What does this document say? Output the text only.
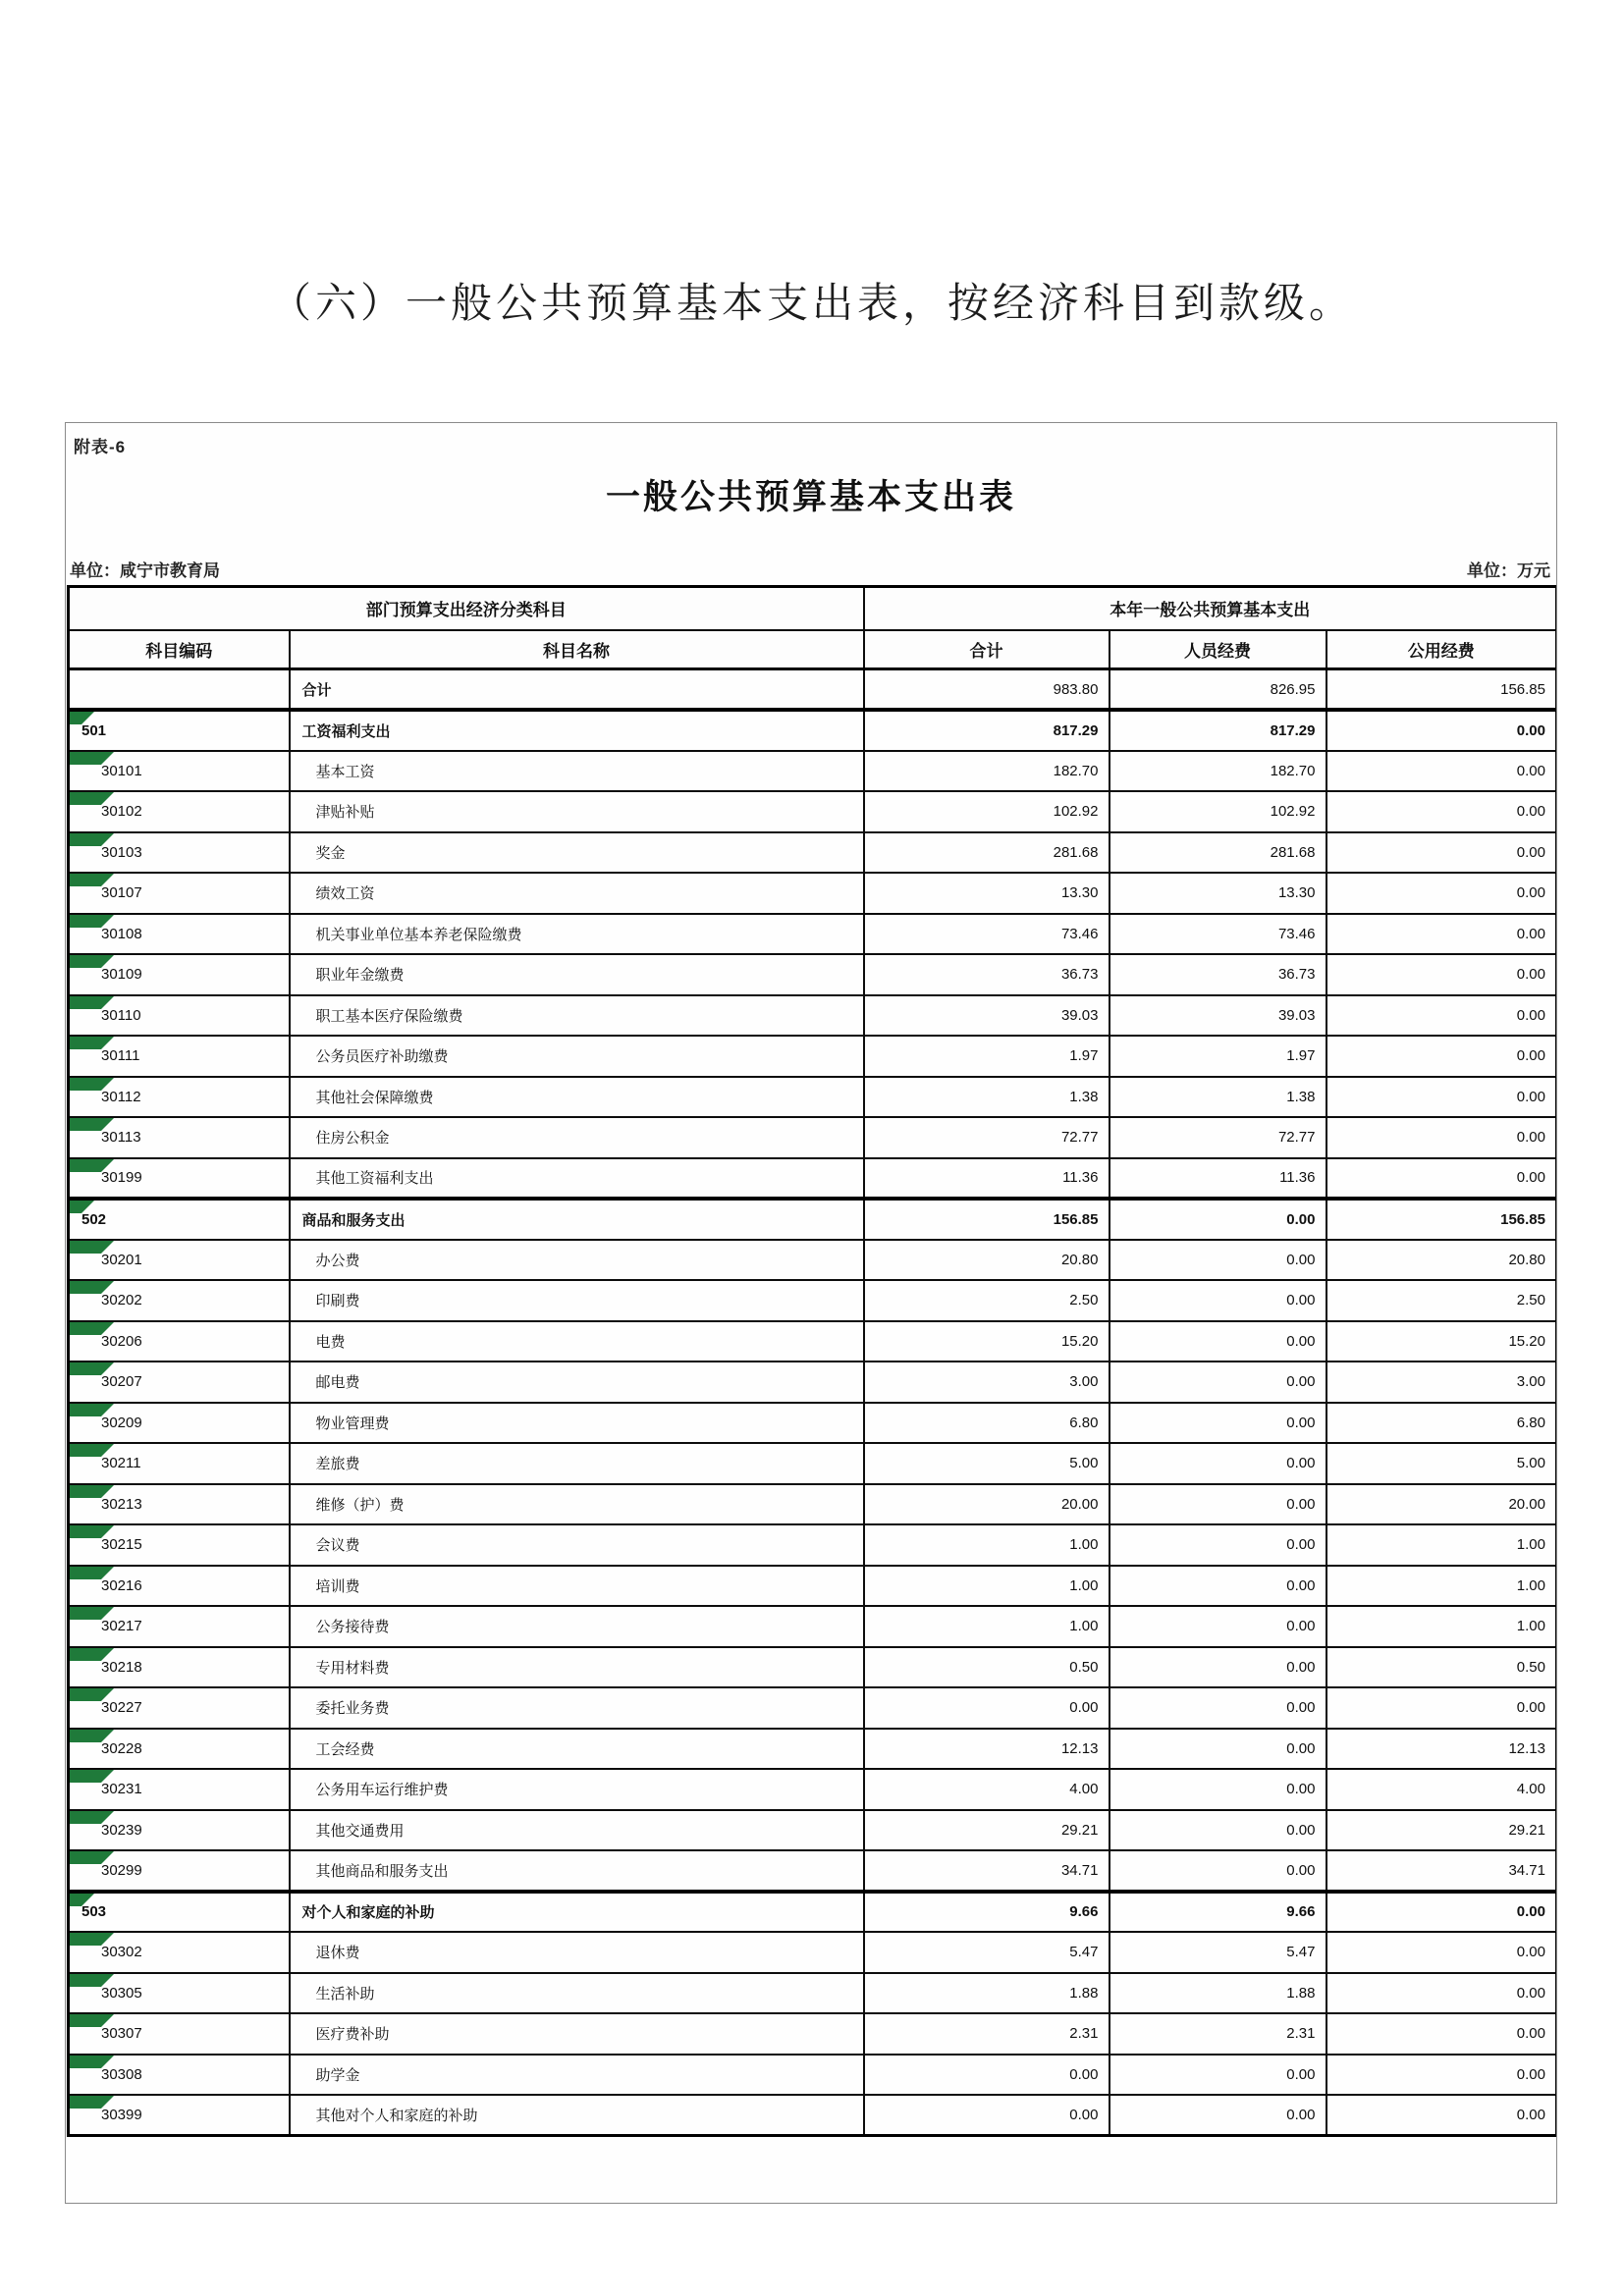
（六）一般公共预算基本支出表，按经济科目到款级。
附表-6
一般公共预算基本支出表
单位：咸宁市教育局	单位：万元
部门预算支出经济分类科目		本年一般公共预算基本支出		
科目编码	科目名称	合计	人员经费	公用经费
	合计	983.80	826.95	156.85

501	工资福利支出	817.29	817.29	0.00

30101	基本工资	182.70	182.70	0.00

30102	津贴补贴	102.92	102.92	0.00

30103	奖金	281.68	281.68	0.00

30107	绩效工资	13.30	13.30	0.00

30108	机关事业单位基本养老保险缴费	73.46	73.46	0.00

30109	职业年金缴费	36.73	36.73	0.00

30110	职工基本医疗保险缴费	39.03	39.03	0.00

30111	公务员医疗补助缴费	1.97	1.97	0.00

30112	其他社会保障缴费	1.38	1.38	0.00

30113	住房公积金	72.77	72.77	0.00

30199	其他工资福利支出	11.36	11.36	0.00

502	商品和服务支出	156.85	0.00	156.85

30201	办公费	20.80	0.00	20.80

30202	印刷费	2.50	0.00	2.50

30206	电费	15.20	0.00	15.20

30207	邮电费	3.00	0.00	3.00

30209	物业管理费	6.80	0.00	6.80

30211	差旅费	5.00	0.00	5.00

30213	维修（护）费	20.00	0.00	20.00

30215	会议费	1.00	0.00	1.00

30216	培训费	1.00	0.00	1.00

30217	公务接待费	1.00	0.00	1.00

30218	专用材料费	0.50	0.00	0.50

30227	委托业务费	0.00	0.00	0.00

30228	工会经费	12.13	0.00	12.13

30231	公务用车运行维护费	4.00	0.00	4.00

30239	其他交通费用	29.21	0.00	29.21

30299	其他商品和服务支出	34.71	0.00	34.71

503	对个人和家庭的补助	9.66	9.66	0.00

30302	退休费	5.47	5.47	0.00

30305	生活补助	1.88	1.88	0.00

30307	医疗费补助	2.31	2.31	0.00

30308	助学金	0.00	0.00	0.00

30399	其他对个人和家庭的补助	0.00	0.00	0.00
